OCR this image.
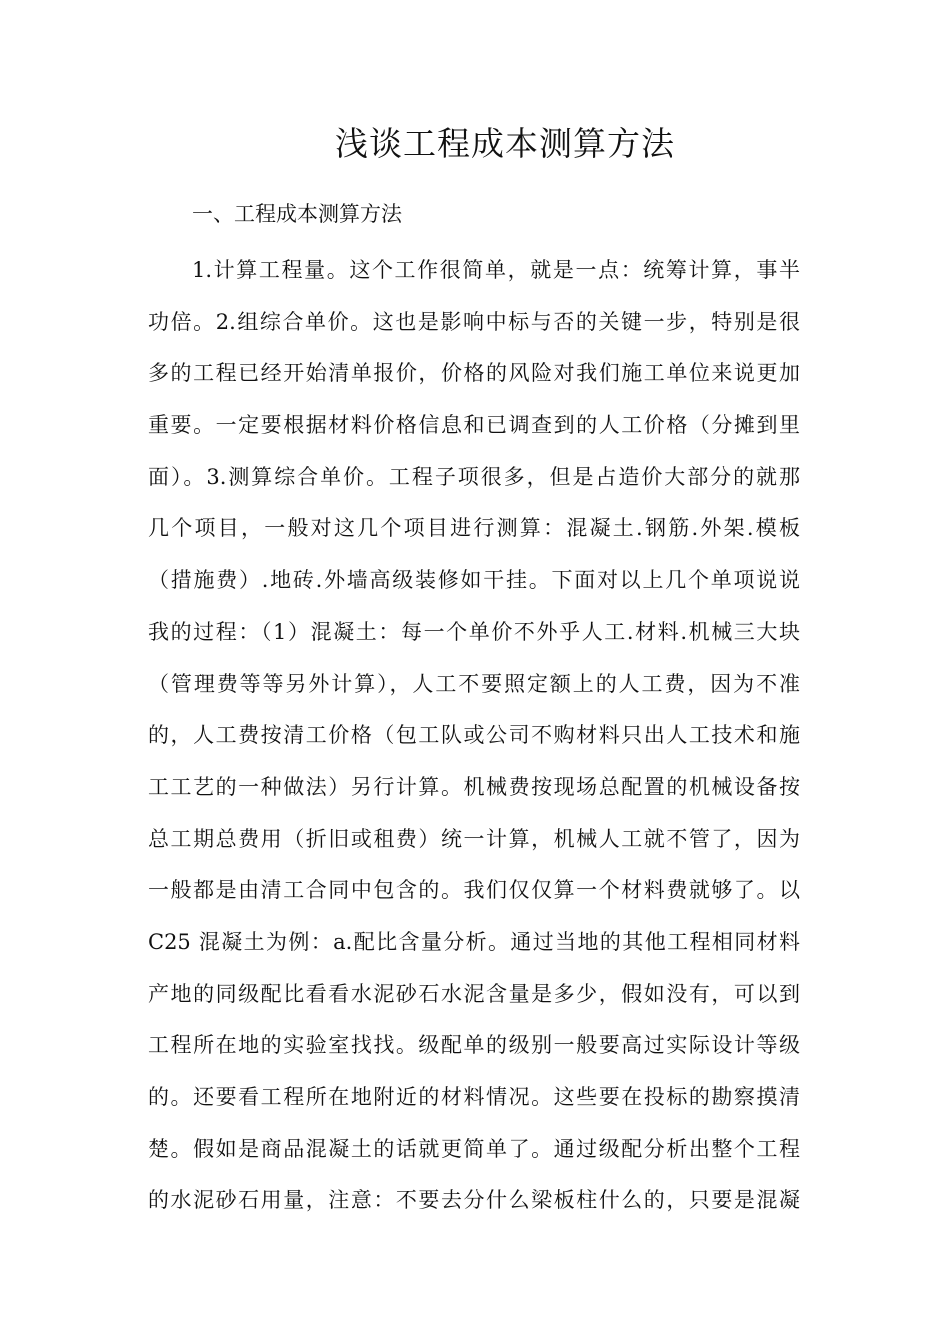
浅谈工程成本测算方法
一、工程成本测算方法
1.计算工程量。这个工作很简单，就是一点：统筹计算，事半
功倍。2.组综合单价。这也是影响中标与否的关键一步，特别是很
多的工程已经开始清单报价，价格的风险对我们施工单位来说更加
重要。一定要根据材料价格信息和已调查到的人工价格（分摊到里
面）。3.测算综合单价。工程子项很多，但是占造价大部分的就那
几个项目，一般对这几个项目进行测算：混凝土.钢筋.外架.模板
（措施费）.地砖.外墙高级装修如干挂。下面对以上几个单项说说
我的过程：（1）混凝土：每一个单价不外乎人工.材料.机械三大块
（管理费等等另外计算），人工不要照定额上的人工费，因为不准
的，人工费按清工价格（包工队或公司不购材料只出人工技术和施
工工艺的一种做法）另行计算。机械费按现场总配置的机械设备按
总工期总费用（折旧或租费）统一计算，机械人工就不管了，因为
一般都是由清工合同中包含的。我们仅仅算一个材料费就够了。以
C25 混凝土为例：a.配比含量分析。通过当地的其他工程相同材料
产地的同级配比看看水泥砂石水泥含量是多少，假如没有，可以到
工程所在地的实验室找找。级配单的级别一般要高过实际设计等级
的。还要看工程所在地附近的材料情况。这些要在投标的勘察摸清
楚。假如是商品混凝土的话就更简单了。通过级配分析出整个工程
的水泥砂石用量，注意：不要去分什么梁板柱什么的，只要是混凝
